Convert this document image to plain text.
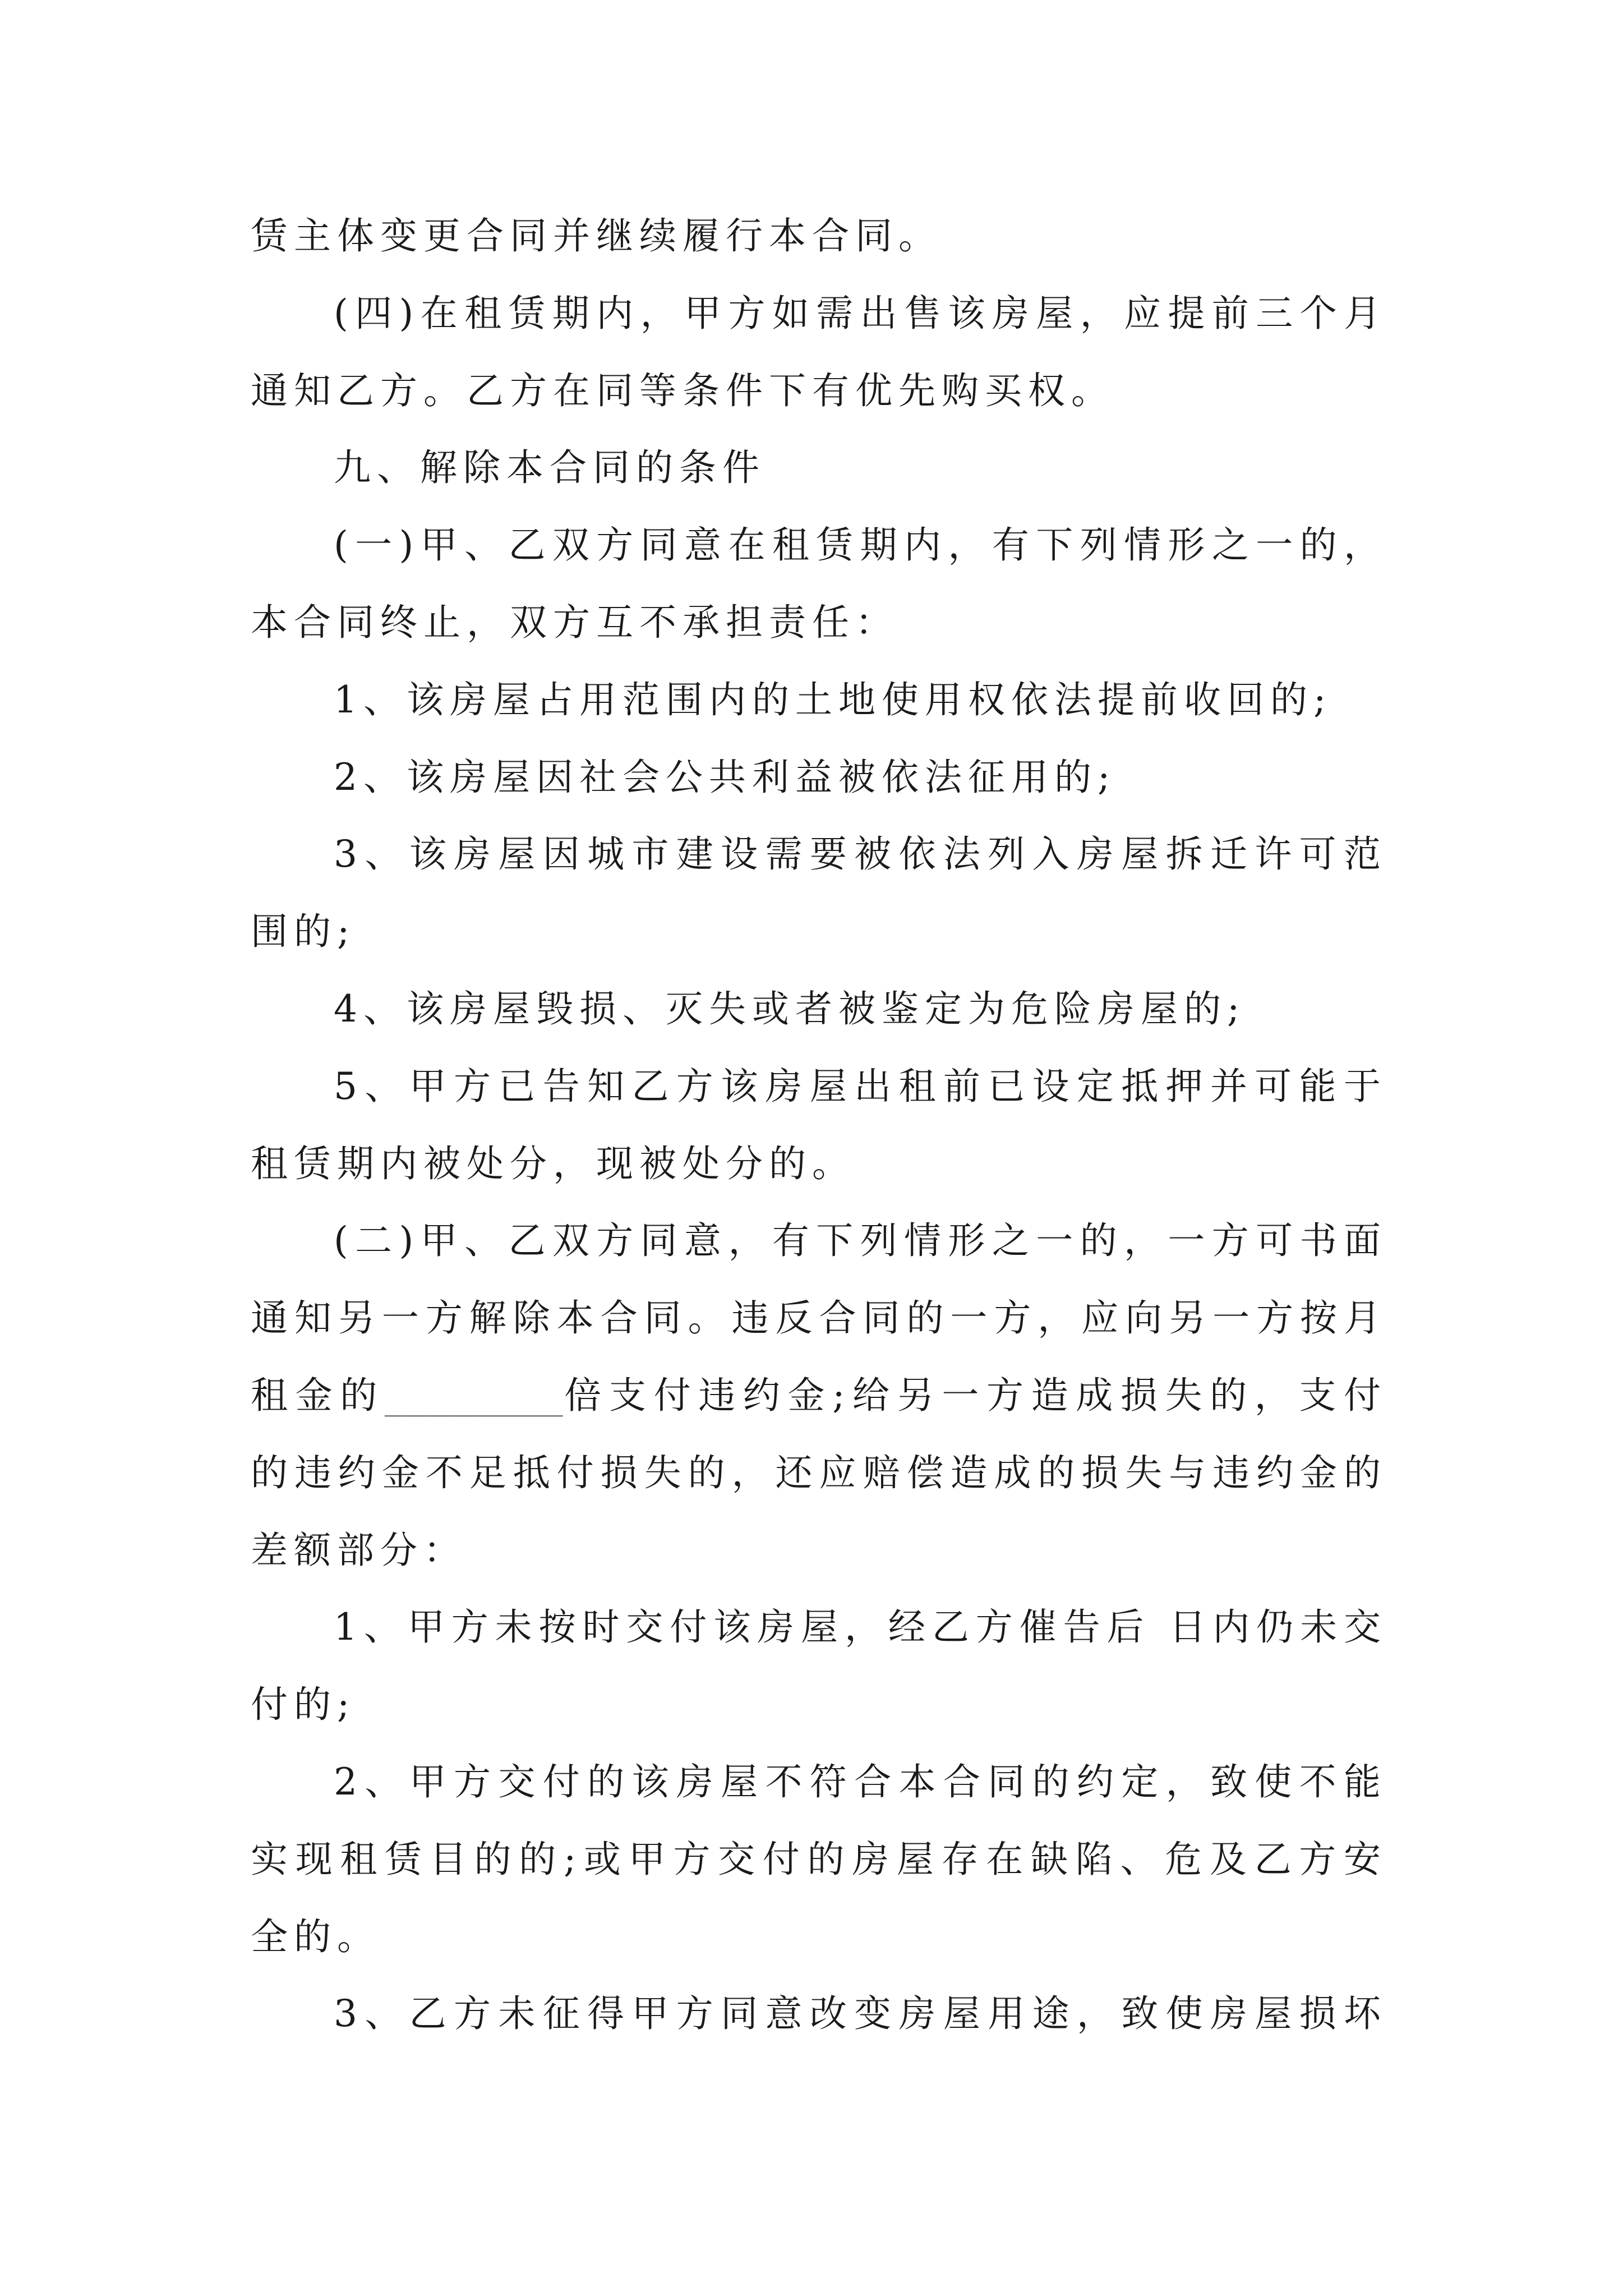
赁主体变更合同并继续履行本合同。
(四)在租赁期内，甲方如需出售该房屋，应提前三个月
通知乙方。乙方在同等条件下有优先购买权。
九、解除本合同的条件
(一)甲、乙双方同意在租赁期内，有下列情形之一的，
本合同终止，双方互不承担责任：
1、该房屋占用范围内的土地使用权依法提前收回的;
2、该房屋因社会公共利益被依法征用的;
3、该房屋因城市建设需要被依法列入房屋拆迁许可范
围的;
4、该房屋毁损、灭失或者被鉴定为危险房屋的;
5、甲方已告知乙方该房屋出租前已设定抵押并可能于
租赁期内被处分，现被处分的。
(二)甲、乙双方同意，有下列情形之一的，一方可书面
通知另一方解除本合同。违反合同的一方，应向另一方按月
租金的________倍支付违约金;给另一方造成损失的，支付
的违约金不足抵付损失的，还应赔偿造成的损失与违约金的
差额部分：
1、甲方未按时交付该房屋，经乙方催告后 日内仍未交
付的;
2、甲方交付的该房屋不符合本合同的约定，致使不能
实现租赁目的的;或甲方交付的房屋存在缺陷、危及乙方安
全的。
3、乙方未征得甲方同意改变房屋用途，致使房屋损坏
